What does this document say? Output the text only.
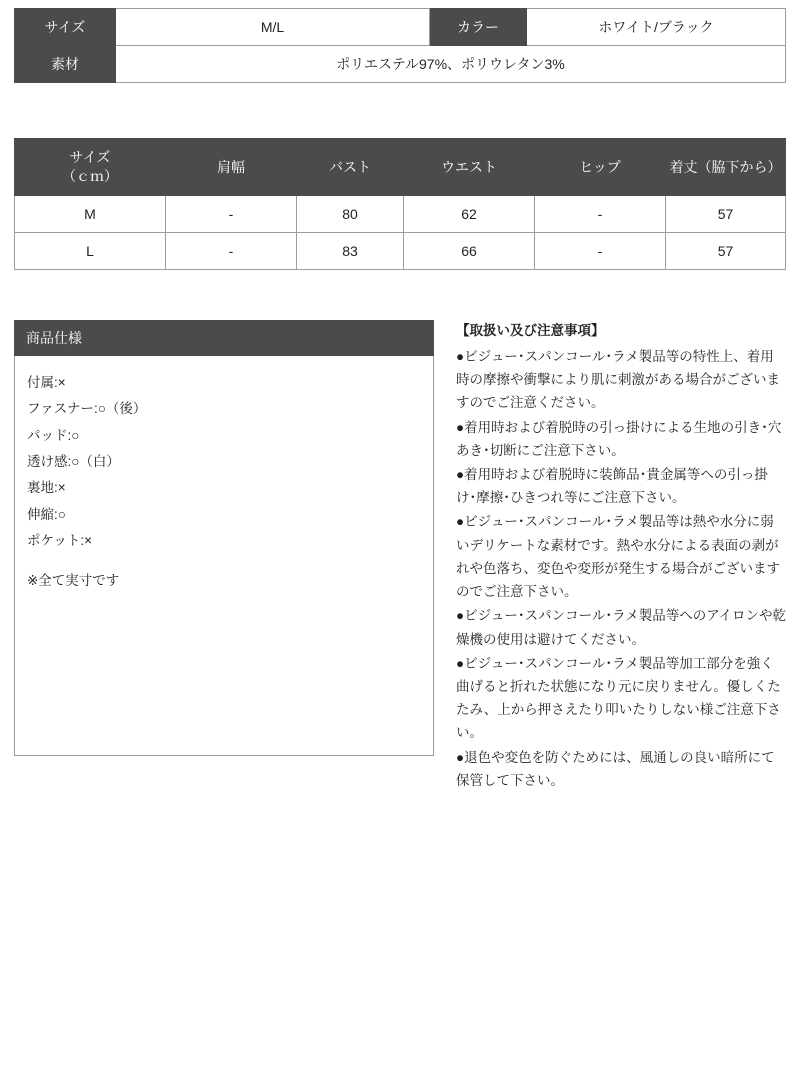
サイズ	M/L	カラー	ホワイト/ブラック
素材	ポリエステル97%、ポリウレタン3%		
サイズ
（ｃｍ）	肩幅	バスト	ウエスト	ヒップ	着丈（脇下から）
M	-	80	62	-	57
L	-	83	66	-	57
商品仕様
付属:×
ファスナー:○（後）
パッド:○
透け感:○（白）
裏地:×
伸縮:○
ポケット:×
※全て実寸です
【取扱い及び注意事項】

●ビジュー･スパンコール･ラメ製品等の特性上、着用時の摩擦や衝撃により肌に刺激がある場合がございますのでご注意ください。

●着用時および着脱時の引っ掛けによる生地の引き･穴あき･切断にご注意下さい。

●着用時および着脱時に装飾品･貴金属等への引っ掛け･摩擦･ひきつれ等にご注意下さい。

●ビジュー･スパンコール･ラメ製品等は熱や水分に弱いデリケートな素材です。熱や水分による表面の剥がれや色落ち、変色や変形が発生する場合がございますのでご注意下さい。

●ビジュー･スパンコール･ラメ製品等へのアイロンや乾燥機の使用は避けてください。

●ビジュー･スパンコール･ラメ製品等加工部分を強く曲げると折れた状態になり元に戻りません。優しくたたみ、上から押さえたり叩いたりしない様ご注意下さい。

●退色や変色を防ぐためには、風通しの良い暗所にて保管して下さい。
